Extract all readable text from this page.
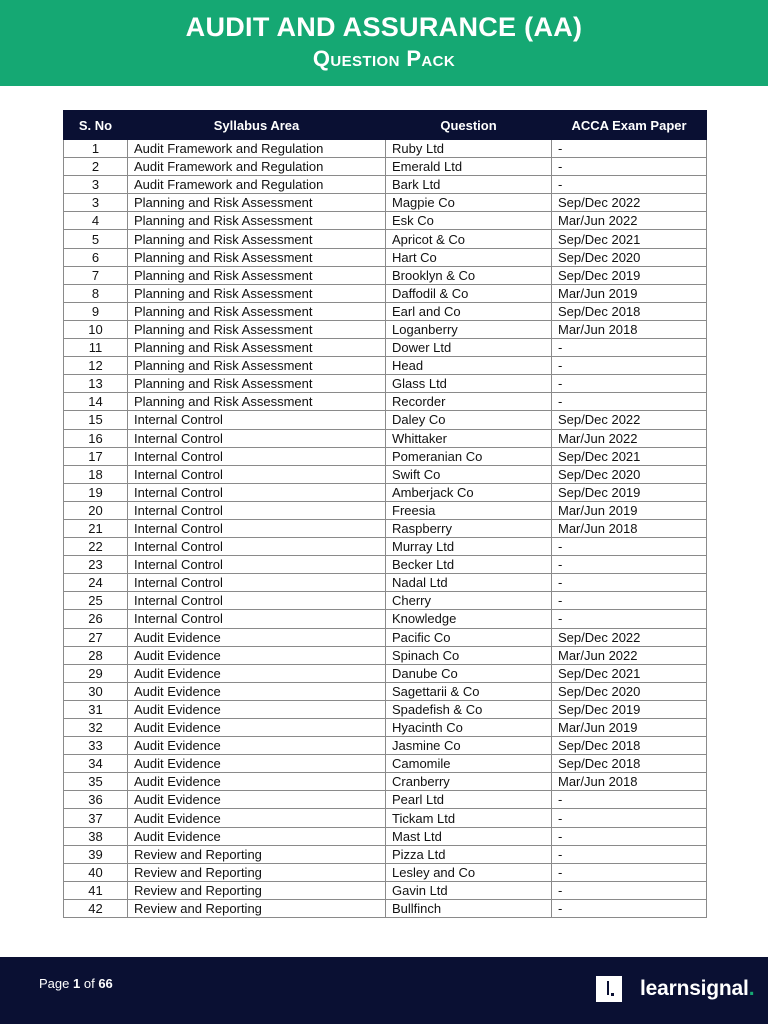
AUDIT AND ASSURANCE (AA)
Question Pack
S. No	Syllabus Area	Question	ACCA Exam Paper
1	Audit Framework and Regulation	Ruby Ltd	-
2	Audit Framework and Regulation	Emerald Ltd	-
3	Audit Framework and Regulation	Bark Ltd	-
3	Planning and Risk Assessment	Magpie Co	Sep/Dec 2022
4	Planning and Risk Assessment	Esk Co	Mar/Jun 2022
5	Planning and Risk Assessment	Apricot & Co	Sep/Dec 2021
6	Planning and Risk Assessment	Hart Co	Sep/Dec 2020
7	Planning and Risk Assessment	Brooklyn & Co	Sep/Dec 2019
8	Planning and Risk Assessment	Daffodil & Co	Mar/Jun 2019
9	Planning and Risk Assessment	Earl and Co	Sep/Dec 2018
10	Planning and Risk Assessment	Loganberry	Mar/Jun 2018
11	Planning and Risk Assessment	Dower Ltd	-
12	Planning and Risk Assessment	Head	-
13	Planning and Risk Assessment	Glass Ltd	-
14	Planning and Risk Assessment	Recorder	-
15	Internal Control	Daley Co	Sep/Dec 2022
16	Internal Control	Whittaker	Mar/Jun 2022
17	Internal Control	Pomeranian Co	Sep/Dec 2021
18	Internal Control	Swift Co	Sep/Dec 2020
19	Internal Control	Amberjack Co	Sep/Dec 2019
20	Internal Control	Freesia	Mar/Jun 2019
21	Internal Control	Raspberry	Mar/Jun 2018
22	Internal Control	Murray Ltd	-
23	Internal Control	Becker Ltd	-
24	Internal Control	Nadal Ltd	-
25	Internal Control	Cherry	-
26	Internal Control	Knowledge	-
27	Audit Evidence	Pacific Co	Sep/Dec 2022
28	Audit Evidence	Spinach Co	Mar/Jun 2022
29	Audit Evidence	Danube Co	Sep/Dec 2021
30	Audit Evidence	Sagettarii & Co	Sep/Dec 2020
31	Audit Evidence	Spadefish & Co	Sep/Dec 2019
32	Audit Evidence	Hyacinth Co	Mar/Jun 2019
33	Audit Evidence	Jasmine Co	Sep/Dec 2018
34	Audit Evidence	Camomile	Sep/Dec 2018
35	Audit Evidence	Cranberry	Mar/Jun 2018
36	Audit Evidence	Pearl Ltd	-
37	Audit Evidence	Tickam Ltd	-
38	Audit Evidence	Mast Ltd	-
39	Review and Reporting	Pizza Ltd	-
40	Review and Reporting	Lesley and Co	-
41	Review and Reporting	Gavin Ltd	-
42	Review and Reporting	Bullfinch	-
Page 1 of 66	learnsignal.
